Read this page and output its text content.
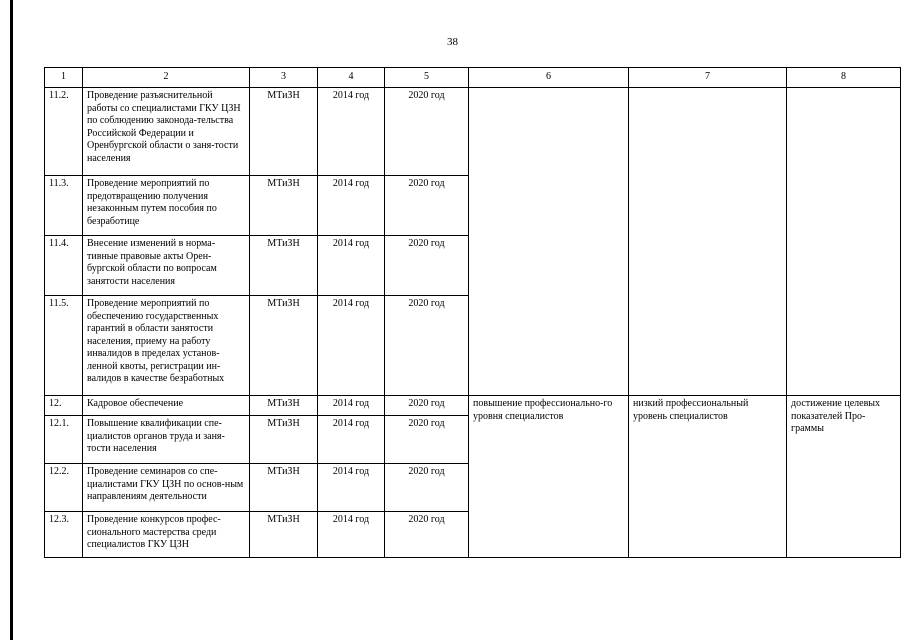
38
1	2	3	4	5	6	7	8
11.2.	Проведение разъяснительной работы со специалистами ГКУ ЦЗН по соблюдению законода-тельства Российской Федерации и Оренбургской области о заня-тости населения	МТиЗН	2014 год	2020 год			
11.3.	Проведение мероприятий по предотвращению получения незаконным путем пособия по безработице	МТиЗН	2014 год	2020 год			
11.4.	Внесение изменений в норма-тивные правовые акты Орен-бургской области по вопросам занятости населения	МТиЗН	2014 год	2020 год			
11.5.	Проведение мероприятий по обеспечению государственных гарантий в области занятости населения, приему на работу инвалидов в пределах установ-ленной квоты, регистрации ин-валидов в качестве безработных	МТиЗН	2014 год	2020 год			
12.	Кадровое обеспечение	МТиЗН	2014 год	2020 год	повышение профессионально-го уровня специалистов	низкий профессиональный уровень специалистов	достижение целевых показателей Про-граммы
12.1.	Повышение квалификации спе-циалистов органов труда и заня-тости населения	МТиЗН	2014 год	2020 год			
12.2.	Проведение семинаров со спе-циалистами ГКУ ЦЗН по основ-ным направлениям деятельности	МТиЗН	2014 год	2020 год			
12.3.	Проведение конкурсов профес-сионального мастерства среди специалистов ГКУ ЦЗН	МТиЗН	2014 год	2020 год			
